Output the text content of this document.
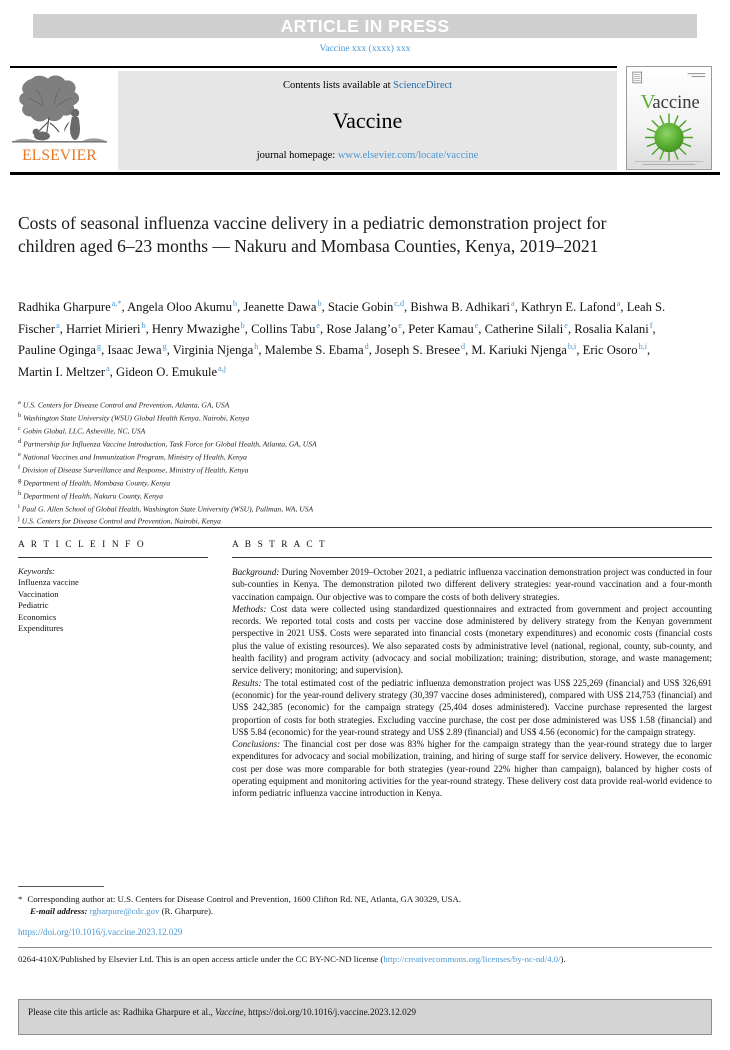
ARTICLE IN PRESS
Vaccine xxx (xxxx) xxx
ELSEVIER
Contents lists available at ScienceDirect
Vaccine
journal homepage: www.elsevier.com/locate/vaccine
V
accine
Costs of seasonal influenza vaccine delivery in a pediatric demonstration project for children aged 6–23 months — Nakuru and Mombasa Counties, Kenya, 2019–2021
Radhika Gharpure$^{a,*}$, Angela Oloo Akumu$^b$, Jeanette Dawa$^b$, Stacie Gobin$^{c,d}$, Bishwa B. Adhikari$^a$, Kathryn E. Lafond$^a$, Leah S. Fischer$^a$, Harriet Mirieri$^b$, Henry Mwazighe$^b$, Collins Tabu$^e$, Rose $Jalang’o^e$, Peter Kamau$^e$, Catherine Silali$^e$, Rosalia Kalani$^f$, Pauline Oginga$^g$, Isaac Jewa$^g$, Virginia Njenga$^h$, Malembe S. Ebama$^d$, Joseph S. Bresee$^d$, M. Kariuki Njenga$^{b,i}$, Eric Osoro$^{b,i}$, Martin I. Meltzer$^a$, Gideon O. Emukule$^{a,j}$
$^a$ U.S. Centers for Disease Control and Prevention, Atlanta, GA, USA
$^b$ Washington State University (WSU) Global Health Kenya, Nairobi, Kenya
$^c$ Gobin Global, LLC, Asheville, NC, USA
$^d$ Partnership for Influenza Vaccine Introduction, Task Force for Global Health, Atlanta, GA, USA
$^e$ National Vaccines and Immunization Program, Ministry of Health, Kenya
$^f$ Division of Disease Surveillance and Response, Ministry of Health, Kenya
$^g$ Department of Health, Mombasa County, Kenya
$^h$ Department of Health, Nakuru County, Kenya
$^i$ Paul G. Allen School of Global Health, Washington State University (WSU), Pullman, WA, USA
$^j$ U.S. Centers for Disease Control and Prevention, Nairobi, Kenya
A R T I C L E I N F O
Keywords:
Influenza vaccine
Vaccination
Pediatric
Economics
Expenditures
A B S T R A C T

Background: During November 2019–October 2021, a pediatric influenza vaccination demonstration project was conducted in four sub-counties in Kenya. The demonstration piloted two different delivery strategies: year-round vaccination and a four-month vaccination campaign. Our objective was to compare the costs of both delivery strategies.

Methods: Cost data were collected using standardized questionnaires and extracted from government and project accounting records. We reported total costs and costs per vaccine dose administered by delivery strategy from the Kenyan government perspective in 2021 US$. Costs were separated into financial costs (monetary expenditures) and economic costs (financial costs plus the value of existing resources). We also separated costs by administrative level (national, regional, county, sub-county, and health facility) and program activity (advocacy and social mobilization; training; distribution, storage, and waste management; service delivery; monitoring; and supervision).

Results: The total estimated cost of the pediatric influenza demonstration project was US$ 225,269 (financial) and US$ 326,691 (economic) for the year-round delivery strategy (30,397 vaccine doses administered), compared with US$ 214,753 (financial) and US$ 242,385 (economic) for the campaign strategy (25,404 doses administered). Vaccine purchase represented the largest proportion of costs for both strategies. Excluding vaccine purchase, the cost per dose administered was US$ 1.58 (financial) and US$ 5.84 (economic) for the year-round strategy and US$ 2.89 (financial) and US$ 4.56 (economic) for the campaign strategy.

Conclusions: The financial cost per dose was 83% higher for the campaign strategy than the year-round strategy due to larger expenditures for advocacy and social mobilization, training, and hiring of surge staff for service delivery. However, the economic cost per dose was more comparable for both strategies (year-round 22% higher than campaign), balanced by higher costs of operating equipment and monitoring activities for the year-round strategy. These delivery cost data provide real-world evidence to inform pediatric influenza vaccine introduction in Kenya.

* Corresponding author at: U.S. Centers for Disease Control and Prevention, 1600 Clifton Rd. NE, Atlanta, GA 30329, USA.
E-mail address: rgharpure@cdc.gov (R. Gharpure).
https://doi.org/10.1016/j.vaccine.2023.12.029
0264-410X/Published by Elsevier Ltd. This is an open access article under the CC BY-NC-ND license (http://creativecommons.org/licenses/by-nc-nd/4.0/).
Please cite this article as: Radhika Gharpure et al., Vaccine, https://doi.org/10.1016/j.vaccine.2023.12.029
